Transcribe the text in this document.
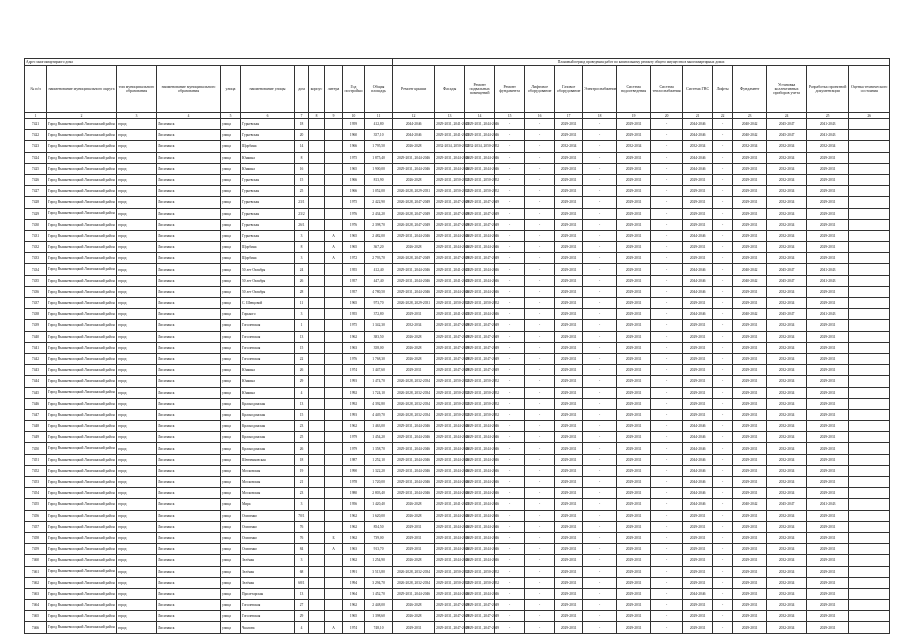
Адрес многоквартирного дома											Плановый период проведения работ по капитальному ремонту общего имущества в многоквартирных домах														
№ п/п	наименование муниципального округа	тип муниципального образования	наименование муниципального образования	улица	наименование улицы	дом	корпус	литера	Год постройки	Общая площадь	Ремонт крыши	Фасады	Ремонт подвальных помещений	Ремонт фундамента	Лифтовое оборудование	Газовое оборудование	Электроснабжение	Система водоотведения	Система теплоснабжения	Система ГВС	Лифты	Фундамент	Установка коллективных приборов учета	Разработка проектной документации	Оценка технического состояния
1	2	3	4	5	6	7	8	9	10	11	12	13	14	15	16	17	18	19	20	21	22	23	24	25	26
7421	Город Вышневолоцкий Лисичанский район	город	Лисичанск	улица	Гурьевская	18			1959	412,80	2044-2046	2029-2031, 2041-2043	2029-2031, 2044-2046	-	-	2029-2031	-	2029-2031	-	2044-2046	-	2040-2042	2045-2047	2041-2043	
7422	Город Вышневолоцкий Лисичанский район	город	Лисичанск	улица	Гурьевская	20			1960	357,10	2044-2046	2029-2031, 2041-2043	2029-2031, 2044-2046	-	-	2029-2031	-	2029-2031	-	2044-2046	-	2040-2042	2045-2047	2041-2043	
7423	Город Вышневолоцкий Лисичанский район	город	Лисичанск	улица	Щорбина	14			1966	1 795,50	2026-2028	2032-2034, 2050-2052	2032-2034, 2050-2052	-	-	2032-2034	-	2032-2034	-	2032-2034	-	2032-2034	2032-2034	2032-2034	
7424	Город Вышневолоцкий Лисичанский район	город	Лисичанск	улица	Юнкина	8			1975	1 875,40	2029-2031, 2044-2046	2029-2031, 2044-2046	2029-2031, 2044-2046	-	-	2029-2031	-	2029-2031	-	2044-2046	-	2029-2031	2032-2034	2029-2031	
7425	Город Вышневолоцкий Лисичанский район	город	Лисичанск	улица	Юнкина	16			1965	1 900,00	2029-2031, 2044-2046	2029-2031, 2044-2046	2029-2031, 2044-2046	-	-	2029-2031	-	2029-2031	-	2044-2046	-	2029-2031	2032-2034	2029-2031	
7426	Город Вышневолоцкий Лисичанский район	город	Лисичанск	улица	Гурьевская	15			1966	813,90	2026-2028	2029-2031, 2050-2052	2029-2031, 2050-2052	-	-	2029-2031	-	2029-2031	-	2029-2031	-	2029-2031	2032-2034	2029-2031	
7427	Город Вышневолоцкий Лисичанский район	город	Лисичанск	улица	Гурьевская	25			1966	1 052,00	2026-2028, 2029-2031	2029-2031, 2050-2052	2029-2031, 2050-2052	-	-	2029-2031	-	2029-2031	-	2029-2031	-	2029-2031	2032-2034	2029-2031	
7428	Город Вышневолоцкий Лисичанский район	город	Лисичанск	улица	Гурьевская	23/1			1975	2 422,90	2026-2028, 2047-2049	2029-2031, 2047-2049	2029-2031, 2047-2049	-	-	2029-2031	-	2029-2031	-	2029-2031	-	2029-2031	2032-2034	2029-2031	
7429	Город Вышневолоцкий Лисичанский район	город	Лисичанск	улица	Гурьевская	23/2			1976	2 434,20	2026-2028, 2047-2049	2029-2031, 2047-2049	2029-2031, 2047-2049	-	-	2029-2031	-	2029-2031	-	2029-2031	-	2029-2031	2032-2034	2029-2031	
7430	Город Вышневолоцкий Лисичанский район	город	Лисичанск	улица	Гурьевская	26/1			1976	2 398,70	2026-2028, 2047-2049	2029-2031, 2047-2049	2029-2031, 2047-2049	-	-	2029-2031	-	2029-2031	-	2029-2031	-	2029-2031	2032-2034	2029-2031	
7431	Город Вышневолоцкий Лисичанский район	город	Лисичанск	улица	Гурьевская	3		А	1965	2 482,00	2029-2031, 2044-2046	2029-2031, 2044-2046	2029-2031, 2044-2046	-	-	2029-2031	-	2029-2031	-	2044-2046	-	2029-2031	2032-2034	2029-2031	
7432	Город Вышневолоцкий Лисичанский район	город	Лисичанск	улица	Щорбина	8		А	1965	367,20	2026-2028	2029-2031, 2044-2046	2029-2031, 2044-2046	-	-	2029-2031	-	2029-2031	-	2029-2031	-	2029-2031	2032-2034	2029-2031	
7433	Город Вышневолоцкий Лисичанский район	город	Лисичанск	улица	Щорбина	3		А	1972	2 793,70	2026-2028, 2047-2049	2029-2031, 2047-2049	2029-2031, 2047-2049	-	-	2029-2031	-	2029-2031	-	2029-2031	-	2029-2031	2032-2034	2029-2031	
7434	Город Вышневолоцкий Лисичанский район	город	Лисичанск	улица	50 лет Октября	24			1955	412,40	2029-2031, 2044-2046	2029-2031, 2041-2043	2029-2031, 2044-2046	-	-	2029-2031	-	2029-2031	-	2044-2046	-	2040-2042	2045-2047	2041-2043	
7435	Город Вышневолоцкий Лисичанский район	город	Лисичанск	улица	50 лет Октября	26			1957	447,40	2029-2031, 2044-2046	2029-2031, 2041-2043	2029-2031, 2044-2046	-	-	2029-2031	-	2029-2031	-	2044-2046	-	2040-2042	2045-2047	2041-2043	
7436	Город Вышневолоцкий Лисичанский район	город	Лисичанск	улица	50 лет Октября	28			1957	4 780,50	2029-2031, 2044-2046	2029-2031, 2044-2046	2029-2031, 2044-2046	-	-	2029-2031	-	2029-2031	-	2044-2046	-	2029-2031	2032-2034	2029-2031	
7437	Город Вышневолоцкий Лисичанский район	город	Лисичанск	улица	С. Шевцовой	11			1965	973,70	2026-2028, 2029-2031	2029-2031, 2050-2052	2029-2031, 2050-2052	-	-	2029-2031	-	2029-2031	-	2029-2031	-	2029-2031	2032-2034	2029-2031	
7438	Город Вышневолоцкий Лисичанский район	город	Лисичанск	улица	Горького	3			1955	372,80	2029-2031	2029-2031, 2041-2043	2029-2031, 2044-2046	-	-	2029-2031	-	2029-2031	-	2044-2046	-	2040-2042	2045-2047	2041-2043	
7439	Город Вышневолоцкий Лисичанский район	город	Лисичанск	улица	Гоголевская	1			1975	1 342,30	2032-2034	2029-2031, 2047-2049	2029-2031, 2047-2049	-	-	2029-2031	-	2029-2031	-	2029-2031	-	2029-2031	2032-2034	2029-2031	
7440	Город Вышневолоцкий Лисичанский район	город	Лисичанск	улица	Гоголевская	13			1962	383,50	2026-2028	2029-2031, 2047-2049	2029-2031, 2047-2049	-	-	2029-2031	-	2029-2031	-	2029-2031	-	2029-2031	2032-2034	2029-2031	
7441	Город Вышневолоцкий Лисичанский район	город	Лисичанск	улица	Гоголевская	15			1963	358,00	2026-2028	2029-2031, 2047-2049	2029-2031, 2047-2049	-	-	2029-2031	-	2029-2031	-	2029-2031	-	2029-2031	2032-2034	2029-2031	
7442	Город Вышневолоцкий Лисичанский район	город	Лисичанск	улица	Гоголевская	22			1976	1 768,30	2026-2028	2029-2031, 2047-2049	2029-2031, 2047-2049	-	-	2029-2031	-	2029-2031	-	2029-2031	-	2029-2031	2032-2034	2029-2031	
7443	Город Вышневолоцкий Лисичанский район	город	Лисичанск	улица	Юнкина	26			1974	1 447,60	2029-2031	2029-2031, 2047-2049	2029-2031, 2047-2049	-	-	2029-2031	-	2029-2031	-	2029-2031	-	2029-2031	2032-2034	2029-2031	
7444	Город Вышневолоцкий Лисичанский район	город	Лисичанск	улица	Юнкина	29			1993	1 474,70	2026-2028, 2032-2034	2029-2031, 2050-2052	2029-2031, 2050-2052	-	-	2029-2031	-	2029-2031	-	2029-2031	-	2029-2031	2032-2034	2029-2031	
7445	Город Вышневолоцкий Лисичанский район	город	Лисичанск	улица	Юнкина	4			1992	1 724,10	2026-2028, 2032-2034	2029-2031, 2050-2052	2029-2031, 2050-2052	-	-	2029-2031	-	2029-2031	-	2029-2031	-	2029-2031	2032-2034	2029-2031	
7446	Город Вышневолоцкий Лисичанский район	город	Лисичанск	улица	Краснодонская	13			1992	4 392,80	2026-2028, 2032-2034	2029-2031, 2050-2052	2029-2031, 2050-2052	-	-	2029-2031	-	2029-2031	-	2029-2031	-	2029-2031	2032-2034	2029-2031	
7447	Город Вышневолоцкий Лисичанский район	город	Лисичанск	улица	Краснодонская	15			1993	4 449,70	2026-2028, 2032-2034	2029-2031, 2050-2052	2029-2031, 2050-2052	-	-	2029-2031	-	2029-2031	-	2029-2031	-	2029-2031	2032-2034	2029-2031	
7448	Город Вышневолоцкий Лисичанский район	город	Лисичанск	улица	Краснодонская	23			1962	1 463,00	2029-2031, 2044-2046	2029-2031, 2044-2046	2029-2031, 2044-2046	-	-	2029-2031	-	2029-2031	-	2044-2046	-	2029-2031	2032-2034	2029-2031	
7449	Город Вышневолоцкий Лисичанский район	город	Лисичанск	улица	Краснодонская	25			1979	1 454,20	2029-2031, 2044-2046	2029-2031, 2044-2046	2029-2031, 2044-2046	-	-	2029-2031	-	2029-2031	-	2044-2046	-	2029-2031	2032-2034	2029-2031	
7450	Город Вышневолоцкий Лисичанский район	город	Лисичанск	улица	Краснодонская	26			1979	1 358,70	2029-2031, 2044-2046	2029-2031, 2044-2046	2029-2031, 2044-2046	-	-	2029-2031	-	2029-2031	-	2044-2046	-	2029-2031	2032-2034	2029-2031	
7451	Город Вышневолоцкий Лисичанский район	город	Лисичанск	улица	Шевченковская	18			1987	1 252,10	2029-2031, 2044-2046	2029-2031, 2044-2046	2029-2031, 2044-2046	-	-	2029-2031	-	2029-2031	-	2044-2046	-	2029-2031	2032-2034	2029-2031	
7452	Город Вышневолоцкий Лисичанский район	город	Лисичанск	улица	Московская	19			1990	1 322,20	2029-2031, 2044-2046	2029-2031, 2044-2046	2029-2031, 2044-2046	-	-	2029-2031	-	2029-2031	-	2044-2046	-	2029-2031	2032-2034	2029-2031	
7453	Город Вышневолоцкий Лисичанский район	город	Лисичанск	улица	Московская	21			1978	1 720,00	2029-2031, 2044-2046	2029-2031, 2044-2046	2029-2031, 2044-2046	-	-	2029-2031	-	2029-2031	-	2044-2046	-	2029-2031	2032-2034	2029-2031	
7454	Город Вышневолоцкий Лисичанский район	город	Лисичанск	улица	Московская	23			1980	2 803,40	2029-2031, 2044-2046	2029-2031, 2044-2046	2029-2031, 2044-2046	-	-	2029-2031	-	2029-2031	-	2044-2046	-	2029-2031	2032-2034	2029-2031	
7455	Город Вышневолоцкий Лисичанский район	город	Лисичанск	улица	Мира	3			1956	1 420,40	2026-2028	2029-2031, 2041-2043	2029-2031, 2044-2046	-	-	2029-2031	-	2029-2031	-	2044-2046	-	2040-2042	2045-2047	2041-2043	
7456	Город Вышневолоцкий Лисичанский район	город	Лисичанск	улица	Осипенко	70/1			1962	1 620,00	2026-2028	2029-2031, 2044-2046	2029-2031, 2044-2046	-	-	2029-2031	-	2029-2031	-	2029-2031	-	2029-2031	2032-2034	2029-2031	
7457	Город Вышневолоцкий Лисичанский район	город	Лисичанск	улица	Осипенко	76			1962	854,50	2029-2031	2029-2031, 2044-2046	2029-2031, 2044-2046	-	-	2029-2031	-	2029-2031	-	2029-2031	-	2029-2031	2032-2034	2029-2031	
7458	Город Вышневолоцкий Лисичанский район	город	Лисичанск	улица	Осипенко	76		Б	1962	739,00	2029-2031	2029-2031, 2044-2046	2029-2031, 2044-2046	-	-	2029-2031	-	2029-2031	-	2029-2031	-	2029-2031	2032-2034	2029-2031	
7459	Город Вышневолоцкий Лисичанский район	город	Лисичанск	улица	Осипенко	84		А	1963	913,70	2029-2031	2029-2031, 2044-2046	2029-2031, 2044-2046	-	-	2029-2031	-	2029-2031	-	2029-2031	-	2029-2031	2032-2034	2029-2031	
7460	Город Вышневолоцкий Лисичанский район	город	Лисичанск	улица	Зелёная	3			1962	1 254,90	2026-2028	2029-2031, 2044-2046	2029-2031, 2044-2046	-	-	2029-2031	-	2029-2031	-	2029-2031	-	2029-2031	2032-2034	2029-2031	
7461	Город Вышневолоцкий Лисичанский район	город	Лисичанск	улица	Зелёная	68			1991	3 513,80	2026-2028, 2032-2034	2029-2031, 2050-2052	2029-2031, 2050-2052	-	-	2029-2031	-	2029-2031	-	2029-2031	-	2029-2031	2032-2034	2029-2031	
7462	Город Вышневолоцкий Лисичанский район	город	Лисичанск	улица	Зелёная	68/1			1994	3 294,70	2026-2028, 2032-2034	2029-2031, 2050-2052	2029-2031, 2050-2052	-	-	2029-2031	-	2029-2031	-	2029-2031	-	2029-2031	2032-2034	2029-2031	
7463	Город Вышневолоцкий Лисичанский район	город	Лисичанск	улица	Пролетарская	13			1964	1 452,70	2029-2031, 2044-2046	2029-2031, 2044-2046	2029-2031, 2044-2046	-	-	2029-2031	-	2029-2031	-	2044-2046	-	2029-2031	2032-2034	2029-2031	
7464	Город Вышневолоцкий Лисичанский район	город	Лисичанск	улица	Гоголевская	27			1962	2 448,00	2026-2028	2029-2031, 2047-2049	2029-2031, 2047-2049	-	-	2029-2031	-	2029-2031	-	2029-2031	-	2029-2031	2032-2034	2029-2031	
7465	Город Вышневолоцкий Лисичанский район	город	Лисичанск	улица	Гоголевская	29			1965	1 398,60	2026-2028	2029-2031, 2047-2049	2029-2031, 2047-2049	-	-	2029-2031	-	2029-2031	-	2029-2031	-	2029-2031	2032-2034	2029-2031	
7466	Город Вышневолоцкий Лисичанский район	город	Лисичанск	улица	Чкалова	4		А	1974	748,10	2029-2031	2029-2031, 2047-2049	2029-2031, 2047-2049	-	-	2029-2031	-	2029-2031	-	2029-2031	-	2029-2031	2032-2034	2029-2031	
